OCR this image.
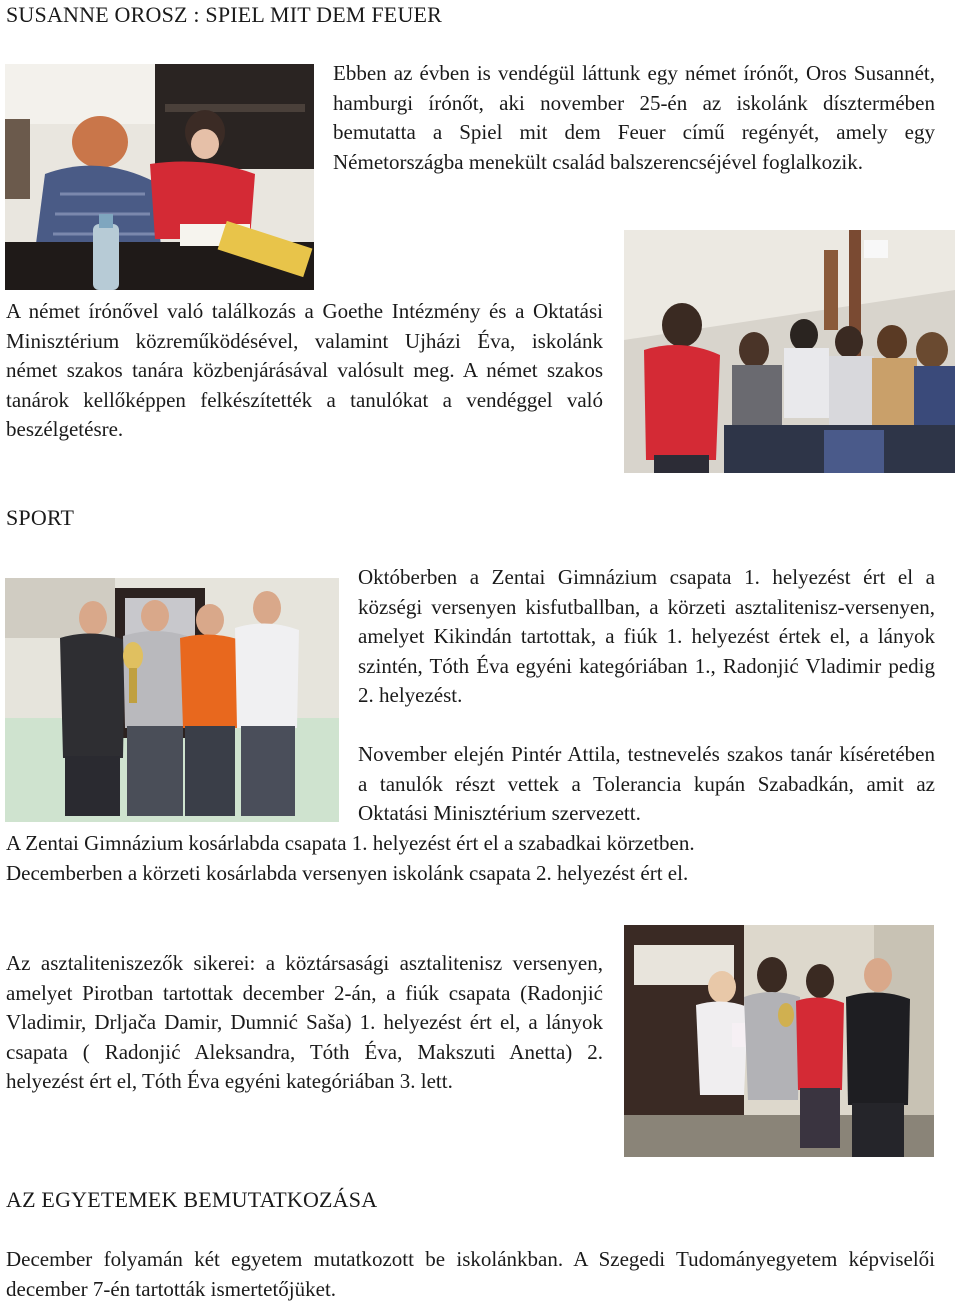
SUSANNE OROSZ : SPIEL MIT DEM FEUER
Ebben az évben is vendégül láttunk egy német írónőt, Oros Susannét, hamburgi írónőt, aki november 25-én az iskolánk dísztermében bemutatta a Spiel mit dem Feuer című regényét, amely egy Németországba menekült család balszerencséjével foglalkozik.
A német írónővel való találkozás a Goethe Intézmény és a Oktatási Minisztérium közreműködésével, valamint Ujházi Éva, iskolánk német szakos tanára közbenjárásával valósult meg. A német szakos tanárok kellőképpen felkészítették a tanulókat a vendéggel való beszélgetésre.
SPORT
Októberben a Zentai Gimnázium csapata 1. helyezést ért el a községi versenyen kisfutballban, a körzeti asztalitenisz-versenyen, amelyet Kikindán tartottak, a fiúk 1. helyezést értek el, a lányok szintén, Tóth Éva egyéni kategóriában 1., Radonjić Vladimir pedig 2. helyezést.
November elején Pintér Attila, testnevelés szakos tanár kíséretében a tanulók részt vettek a Tolerancia kupán Szabadkán, amit az Oktatási Minisztérium szervezett.
A Zentai Gimnázium kosárlabda csapata 1. helyezést ért el a szabadkai körzetben.
Decemberben a körzeti kosárlabda versenyen iskolánk csapata 2. helyezést ért el.
Az asztaliteniszezők sikerei: a köztársasági asztalitenisz versenyen, amelyet Pirotban tartottak december 2-án, a fiúk csapata (Radonjić Vladimir, Drljača Damir, Dumnić Saša) 1. helyezést ért el, a lányok csapata ( Radonjić Aleksandra, Tóth Éva, Makszuti Anetta) 2. helyezést ért el, Tóth Éva egyéni kategóriában 3. lett.
AZ EGYETEMEK BEMUTATKOZÁSA
December folyamán két egyetem mutatkozott be iskolánkban. A Szegedi Tudományegyetem képviselői december 7-én tartották ismertetőjüket.
